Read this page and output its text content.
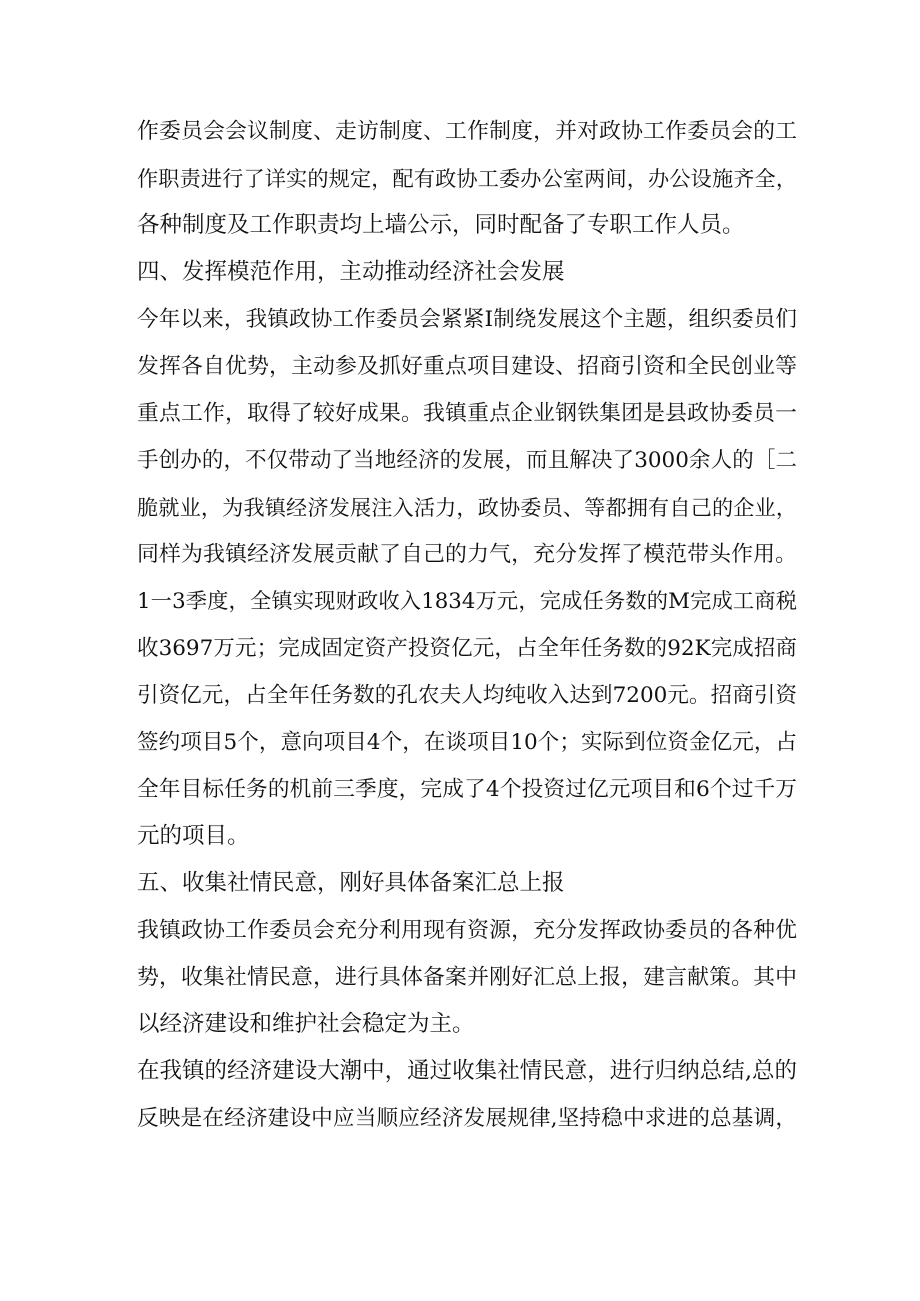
作委员会会议制度、走访制度、工作制度，并对政协工作委员会的工
作职责进行了详实的规定，配有政协工委办公室两间，办公设施齐全，
各种制度及工作职责均上墙公示，同时配备了专职工作人员。
四、发挥模范作用，主动推动经济社会发展
今年以来，我镇政协工作委员会紧紧I制绕发展这个主题，组织委员们
发挥各自优势，主动参及抓好重点项目建设、招商引资和全民创业等
重点工作，取得了较好成果。我镇重点企业钢铁集团是县政协委员一
手创办的，不仅带动了当地经济的发展，而且解决了3000余人的［二
脆就业，为我镇经济发展注入活力，政协委员、等都拥有自己的企业，
同样为我镇经济发展贡献了自己的力气，充分发挥了模范带头作用。
1一3季度，全镇实现财政收入1834万元，完成任务数的M完成工商税
收3697万元；完成固定资产投资亿元，占全年任务数的92K完成招商
引资亿元，占全年任务数的孔农夫人均纯收入达到7200元。招商引资
签约项目5个，意向项目4个，在谈项目10个；实际到位资金亿元，占
全年目标任务的机前三季度，完成了4个投资过亿元项目和6个过千万
元的项目。
五、收集社情民意，刚好具体备案汇总上报
我镇政协工作委员会充分利用现有资源，充分发挥政协委员的各种优
势，收集社情民意，进行具体备案并刚好汇总上报，建言献策。其中
以经济建设和维护社会稳定为主。
在我镇的经济建设大潮中，通过收集社情民意，进行归纳总结,总的
反映是在经济建设中应当顺应经济发展规律,坚持稳中求进的总基调，
